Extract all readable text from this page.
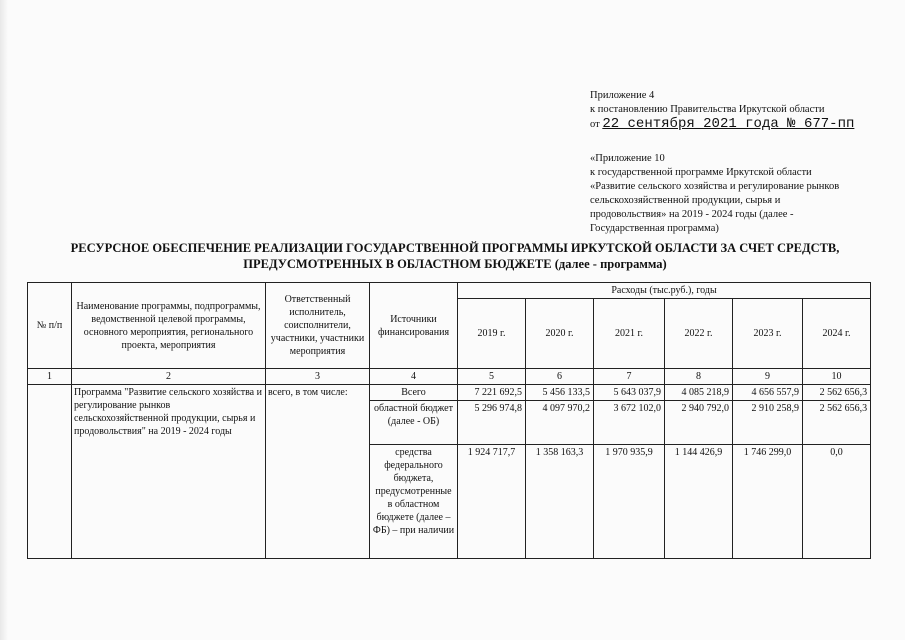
Приложение 4
к постановлению Правительства Иркутской области
от 22 сентября 2021 года № 677-пп
«Приложение 10
к государственной программе Иркутской области
«Развитие сельского хозяйства и регулирование рынков
сельскохозяйственной продукции, сырья и
продовольствия» на 2019 - 2024 годы (далее -
Государственная программа)
РЕСУРСНОЕ ОБЕСПЕЧЕНИЕ РЕАЛИЗАЦИИ ГОСУДАРСТВЕННОЙ ПРОГРАММЫ ИРКУТСКОЙ ОБЛАСТИ ЗА СЧЕТ СРЕДСТВ, ПРЕДУСМОТРЕННЫХ В ОБЛАСТНОМ БЮДЖЕТЕ (далее - программа)
№ п/п	Наименование программы, подпрограммы, ведомственной целевой программы, основного мероприятия, регионального проекта, мероприятия	Ответственный исполнитель, соисполнители, участники, участники мероприятия	Источники финансирования	Расходы (тыс.руб.), годы					
				2019 г.	2020 г.	2021 г.	2022 г.	2023 г.	2024 г.
1	2	3	4	5	6	7	8	9	10
	Программа "Развитие сельского хозяйства и регулирование рынков сельскохозяйственной продукции, сырья и продовольствия" на 2019 - 2024 годы	всего, в том числе:	Всего	7 221 692,5	5 456 133,5	5 643 037,9	4 085 218,9	4 656 557,9	2 562 656,3
			областной бюджет (далее - ОБ)	5 296 974,8	4 097 970,2	3 672 102,0	2 940 792,0	2 910 258,9	2 562 656,3
			средства федерального бюджета, предусмотренные в областном бюджете (далее – ФБ) – при наличии	1 924 717,7	1 358 163,3	1 970 935,9	1 144 426,9	1 746 299,0	0,0
